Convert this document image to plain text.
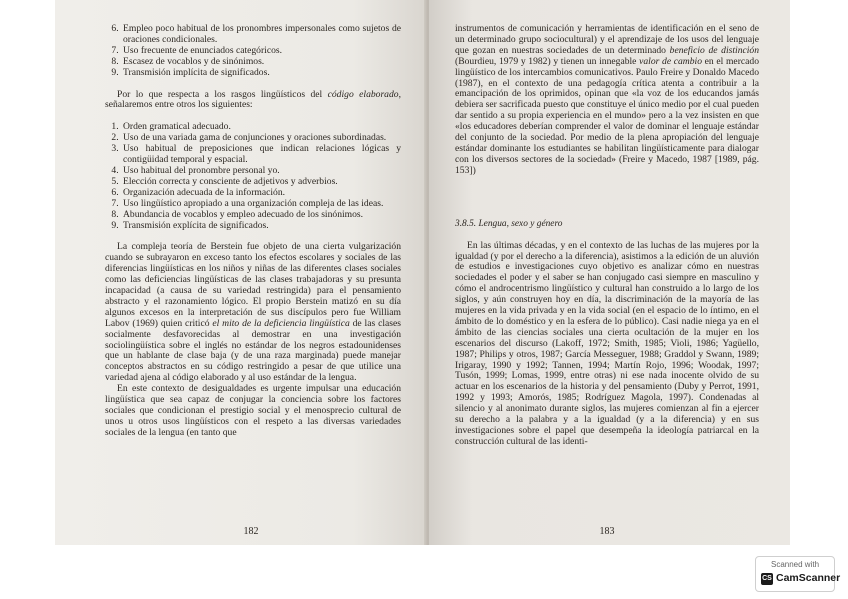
6. Empleo poco habitual de los pronombres impersonales como sujetos de oraciones condicionales.
7. Uso frecuente de enunciados categóricos.
8. Escasez de vocablos y de sinónimos.
9. Transmisión implícita de significados.

Por lo que respecta a los rasgos lingüísticos del código elaborado, señalaremos entre otros los siguientes:

1. Orden gramatical adecuado.
2. Uso de una variada gama de conjunciones y oraciones subordinadas.
3. Uso habitual de preposiciones que indican relaciones lógicas y contigüidad temporal y espacial.
4. Uso habitual del pronombre personal yo.
5. Elección correcta y consciente de adjetivos y adverbios.
6. Organización adecuada de la información.
7. Uso lingüístico apropiado a una organización compleja de las ideas.
8. Abundancia de vocablos y empleo adecuado de los sinónimos.
9. Transmisión explícita de significados.

La compleja teoría de Berstein fue objeto de una cierta vulgarización cuando se subrayaron en exceso tanto los efectos escolares y sociales de las diferencias lingüísticas en los niños y niñas de las diferentes clases sociales como las deficiencias lingüísticas de las clases trabajadoras y su presunta incapacidad (a causa de su variedad restringida) para el pensamiento abstracto y el razonamiento lógico. El propio Berstein matizó en su día algunos excesos en la interpretación de sus discípulos pero fue William Labov (1969) quien criticó el mito de la deficiencia lingüística de las clases socialmente desfavorecidas al demostrar en una investigación sociolingüística sobre el inglés no estándar de los negros estadounidenses que un hablante de clase baja (y de una raza marginada) puede manejar conceptos abstractos en su código restringido a pesar de que utilice una variedad ajena al código elaborado y al uso estándar de la lengua.

En este contexto de desigualdades es urgente impulsar una educación lingüística que sea capaz de conjugar la conciencia sobre los factores sociales que condicionan el prestigio social y el menosprecio cultural de unos u otros usos lingüísticos con el respeto a las diversas variedades sociales de la lengua (en tanto que

182

instrumentos de comunicación y herramientas de identificación en el seno de un determinado grupo sociocultural) y el aprendizaje de los usos del lenguaje que gozan en nuestras sociedades de un determinado beneficio de distinción (Bourdieu, 1979 y 1982) y tienen un innegable valor de cambio en el mercado lingüístico de los intercambios comunicativos. Paulo Freire y Donaldo Macedo (1987), en el contexto de una pedagogía crítica atenta a contribuir a la emancipación de los oprimidos, opinan que «la voz de los educandos jamás debiera ser sacrificada puesto que constituye el único medio por el cual pueden dar sentido a su propia experiencia en el mundo» pero a la vez insisten en que «los educadores deberían comprender el valor de dominar el lenguaje estándar del conjunto de la sociedad. Por medio de la plena apropiación del lenguaje estándar dominante los estudiantes se habilitan lingüísticamente para dialogar con los diversos sectores de la sociedad» (Freire y Macedo, 1987 [1989, pág. 153])

3.8.5. Lengua, sexo y género

En las últimas décadas, y en el contexto de las luchas de las mujeres por la igualdad (y por el derecho a la diferencia), asistimos a la edición de un aluvión de estudios e investigaciones cuyo objetivo es analizar cómo en nuestras sociedades el poder y el saber se han conjugado casi siempre en masculino y cómo el androcentrismo lingüístico y cultural han construido a lo largo de los siglos, y aún construyen hoy en día, la discriminación de la mayoría de las mujeres en la vida privada y en la vida social (en el espacio de lo íntimo, en el ámbito de lo doméstico y en la esfera de lo público). Casi nadie niega ya en el ámbito de las ciencias sociales una cierta ocultación de la mujer en los escenarios del discurso (Lakoff, 1972; Smith, 1985; Violi, 1986; Yagüello, 1987; Philips y otros, 1987; García Messeguer, 1988; Graddol y Swann, 1989; Irigaray, 1990 y 1992; Tannen, 1994; Martín Rojo, 1996; Woodak, 1997; Tusón, 1999; Lomas, 1999, entre otras) ni ese nada inocente olvido de su actuar en los escenarios de la historia y del pensamiento (Duby y Perrot, 1991, 1992 y 1993; Amorós, 1985; Rodríguez Magola, 1997). Condenadas al silencio y al anonimato durante siglos, las mujeres comienzan al fin a ejercer su derecho a la palabra y a la igualdad (y a la diferencia) y en sus investigaciones sobre el papel que desempeña la ideología patriarcal en la construcción cultural de las identi-

183
Scanned with
CS CamScanner
